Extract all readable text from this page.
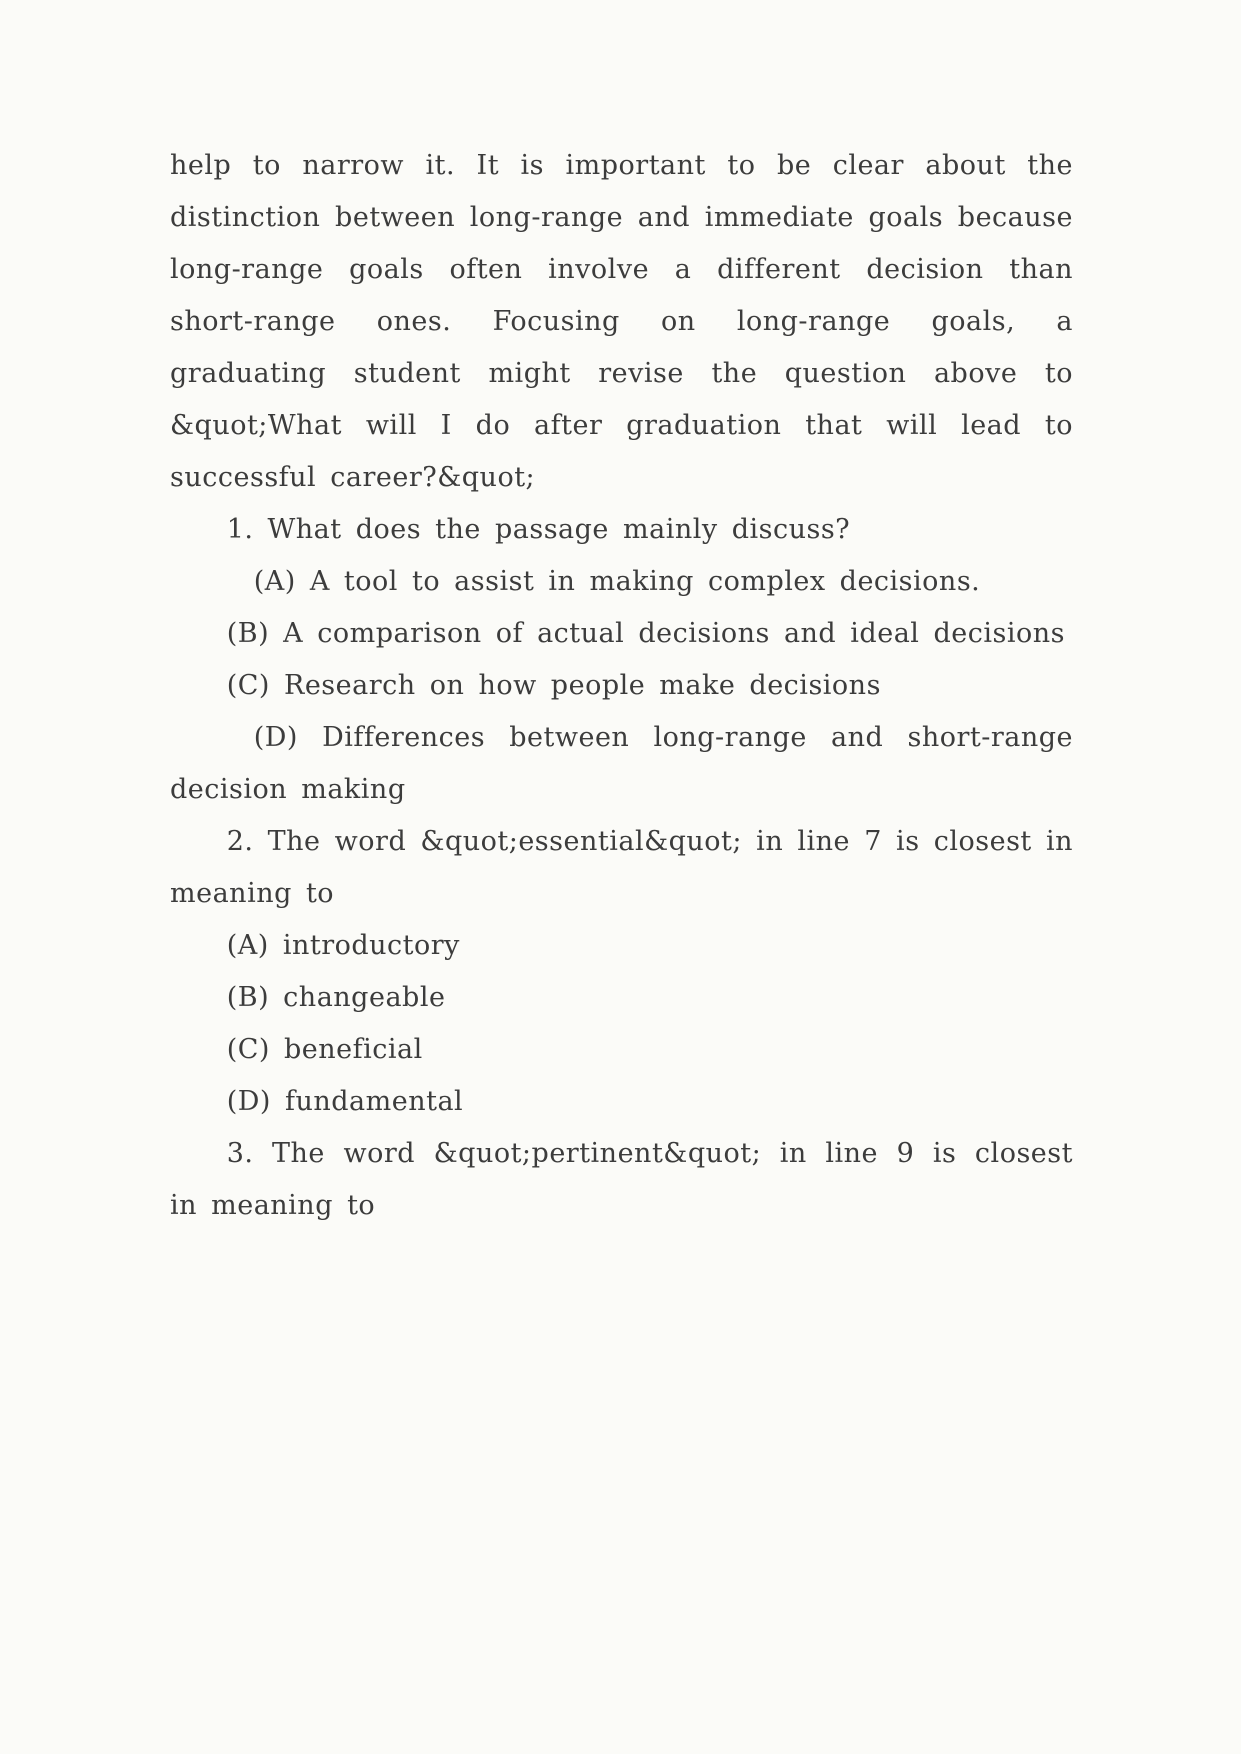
help to narrow it. It is important to be clear about the distinction between long-range and immediate goals because long-range goals often involve a different decision than short-range ones. Focusing on long-range goals, a graduating student might revise the question above to &quot;What will I do after graduation that will lead to successful career?&quot;

1. What does the passage mainly discuss?

(A) A tool to assist in making complex decisions.

(B) A comparison of actual decisions and ideal decisions

(C) Research on how people make decisions

(D) Differences between long-range and short-range decision making

2. The word &quot;essential&quot; in line 7 is closest in meaning to

(A) introductory

(B) changeable

(C) beneficial

(D) fundamental

3. The word &quot;pertinent&quot; in line 9 is closest in meaning to
